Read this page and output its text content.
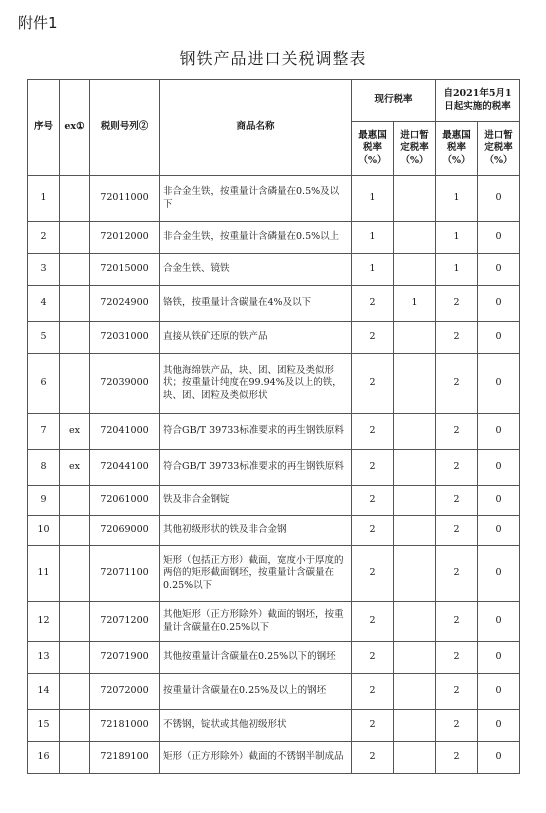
附件1
钢铁产品进口关税调整表
序号	ex①	税则号列②	商品名称	现行税率		自2021年5月1日起实施的税率	
				最惠国税率（%）	进口暂定税率（%）	最惠国税率（%）	进口暂定税率（%）
1		72011000	非合金生铁，按重量计含磷量在0.5%及以下	1		1	0
2		72012000	非合金生铁，按重量计含磷量在0.5%以上	1		1	0
3		72015000	合金生铁、镜铁	1		1	0
4		72024900	铬铁，按重量计含碳量在4%及以下	2	1	2	0
5		72031000	直接从铁矿还原的铁产品	2		2	0
6		72039000	其他海绵铁产品，块、团、团粒及类似形状；按重量计纯度在99.94%及以上的铁，块、团、团粒及类似形状	2		2	0
7	ex	72041000	符合GB/T 39733标准要求的再生钢铁原料	2		2	0
8	ex	72044100	符合GB/T 39733标准要求的再生钢铁原料	2		2	0
9		72061000	铁及非合金钢锭	2		2	0
10		72069000	其他初级形状的铁及非合金钢	2		2	0
11		72071100	矩形（包括正方形）截面，宽度小于厚度的两倍的矩形截面钢坯，按重量计含碳量在0.25%以下	2		2	0
12		72071200	其他矩形（正方形除外）截面的钢坯，按重量计含碳量在0.25%以下	2		2	0
13		72071900	其他按重量计含碳量在0.25%以下的钢坯	2		2	0
14		72072000	按重量计含碳量在0.25%及以上的钢坯	2		2	0
15		72181000	不锈钢，锭状或其他初级形状	2		2	0
16		72189100	矩形（正方形除外）截面的不锈钢半制成品	2		2	0
